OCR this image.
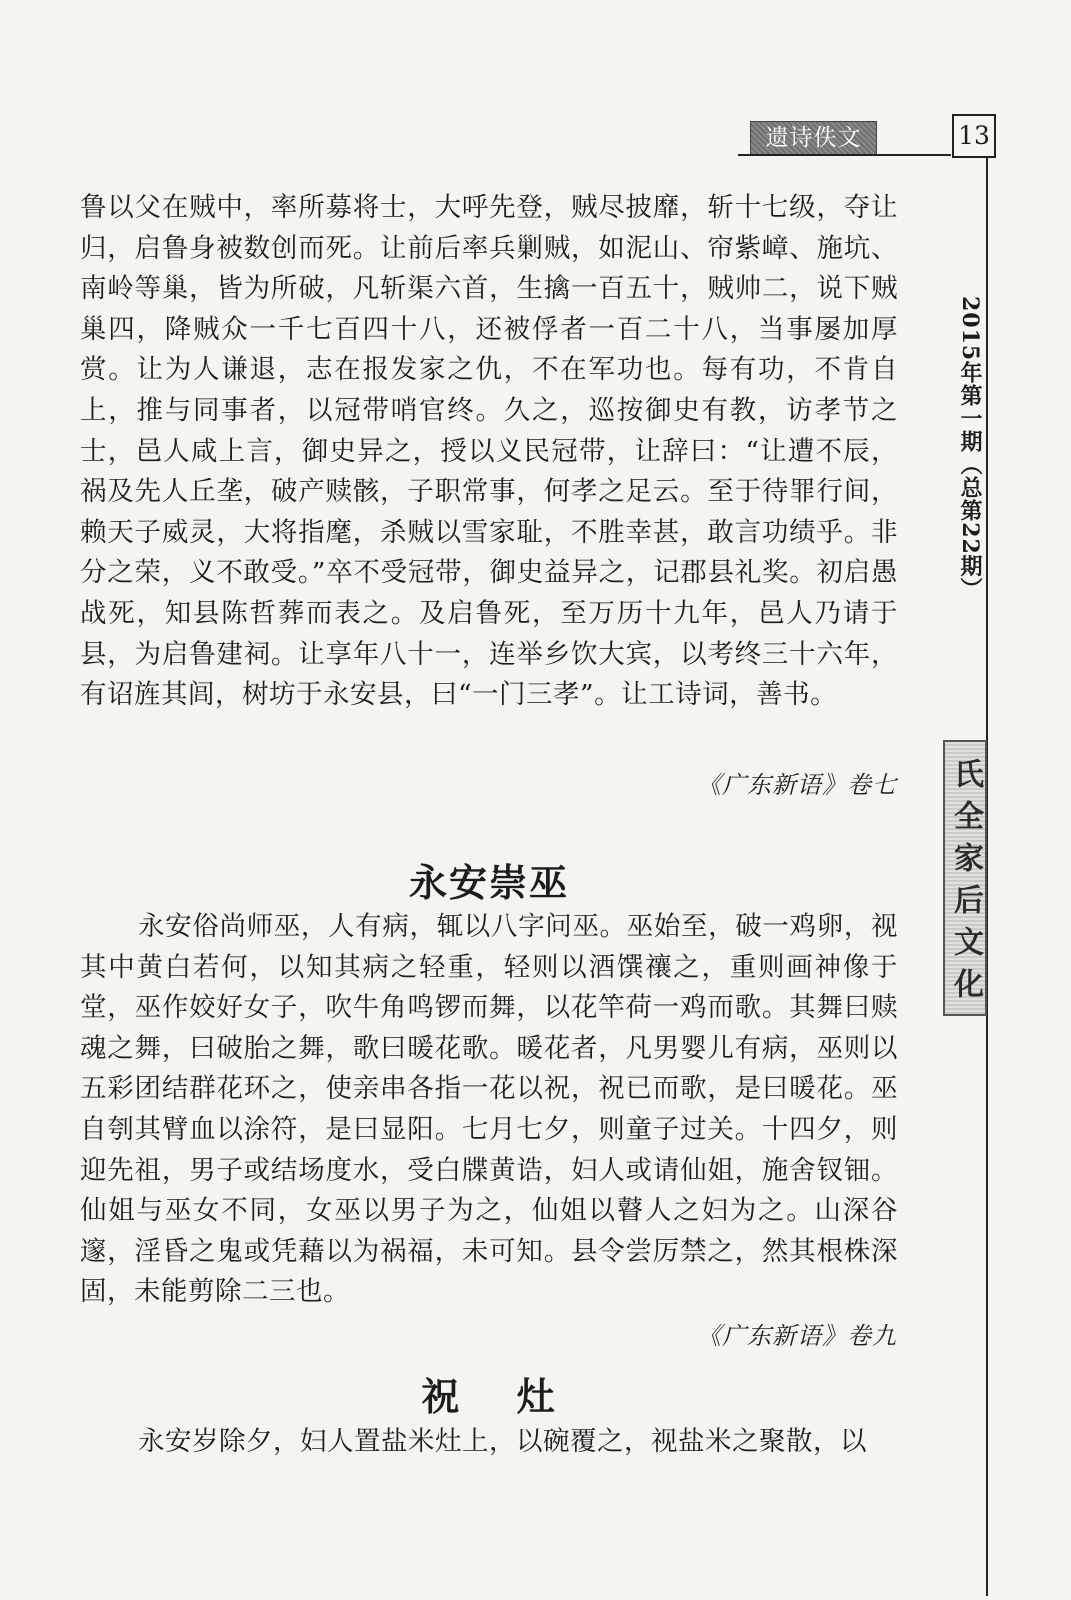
遗诗佚文	13
2015年第一期（总第22期）
氏全家后文化
鲁以父在贼中，率所募将士，大呼先登，贼尽披靡，斩十七级，夺让归，启鲁身被数创而死。让前后率兵剿贼，如泥山、帘紫嶂、施坑、南岭等巢，皆为所破，凡斩渠六首，生擒一百五十，贼帅二，说下贼巢四，降贼众一千七百四十八，还被俘者一百二十八，当事屡加厚赏。让为人谦退，志在报发家之仇，不在军功也。每有功，不肯自上，推与同事者，以冠带哨官终。久之，巡按御史有教，访孝节之士，邑人咸上言，御史异之，授以义民冠带，让辞曰：“让遭不辰，祸及先人丘垄，破产赎骸，子职常事，何孝之足云。至于待罪行间，赖天子威灵，大将指麾，杀贼以雪家耻，不胜幸甚，敢言功绩乎。非分之荣，义不敢受。”卒不受冠带，御史益异之，记郡县礼奖。初启愚战死，知县陈哲葬而表之。及启鲁死，至万历十九年，邑人乃请于县，为启鲁建祠。让享年八十一，连举乡饮大宾，以考终三十六年，有诏旌其闾，树坊于永安县，曰“一门三孝”。让工诗词，善书。
《广东新语》卷七
永安崇巫
永安俗尚师巫，人有病，辄以八字问巫。巫始至，破一鸡卵，视其中黄白若何，以知其病之轻重，轻则以酒馔禳之，重则画神像于堂，巫作姣好女子，吹牛角鸣锣而舞，以花竿荷一鸡而歌。其舞曰赎魂之舞，曰破胎之舞，歌曰暖花歌。暖花者，凡男婴儿有病，巫则以五彩团结群花环之，使亲串各指一花以祝，祝已而歌，是曰暖花。巫自刳其臂血以涂符，是曰显阳。七月七夕，则童子过关。十四夕，则迎先祖，男子或结场度水，受白牒黄诰，妇人或请仙姐，施舍钗钿。仙姐与巫女不同，女巫以男子为之，仙姐以瞽人之妇为之。山深谷邃，淫昏之鬼或凭藉以为祸福，未可知。县令尝厉禁之，然其根株深固，未能剪除二三也。
《广东新语》卷九
祝 灶
永安岁除夕，妇人置盐米灶上，以碗覆之，视盐米之聚散，以
